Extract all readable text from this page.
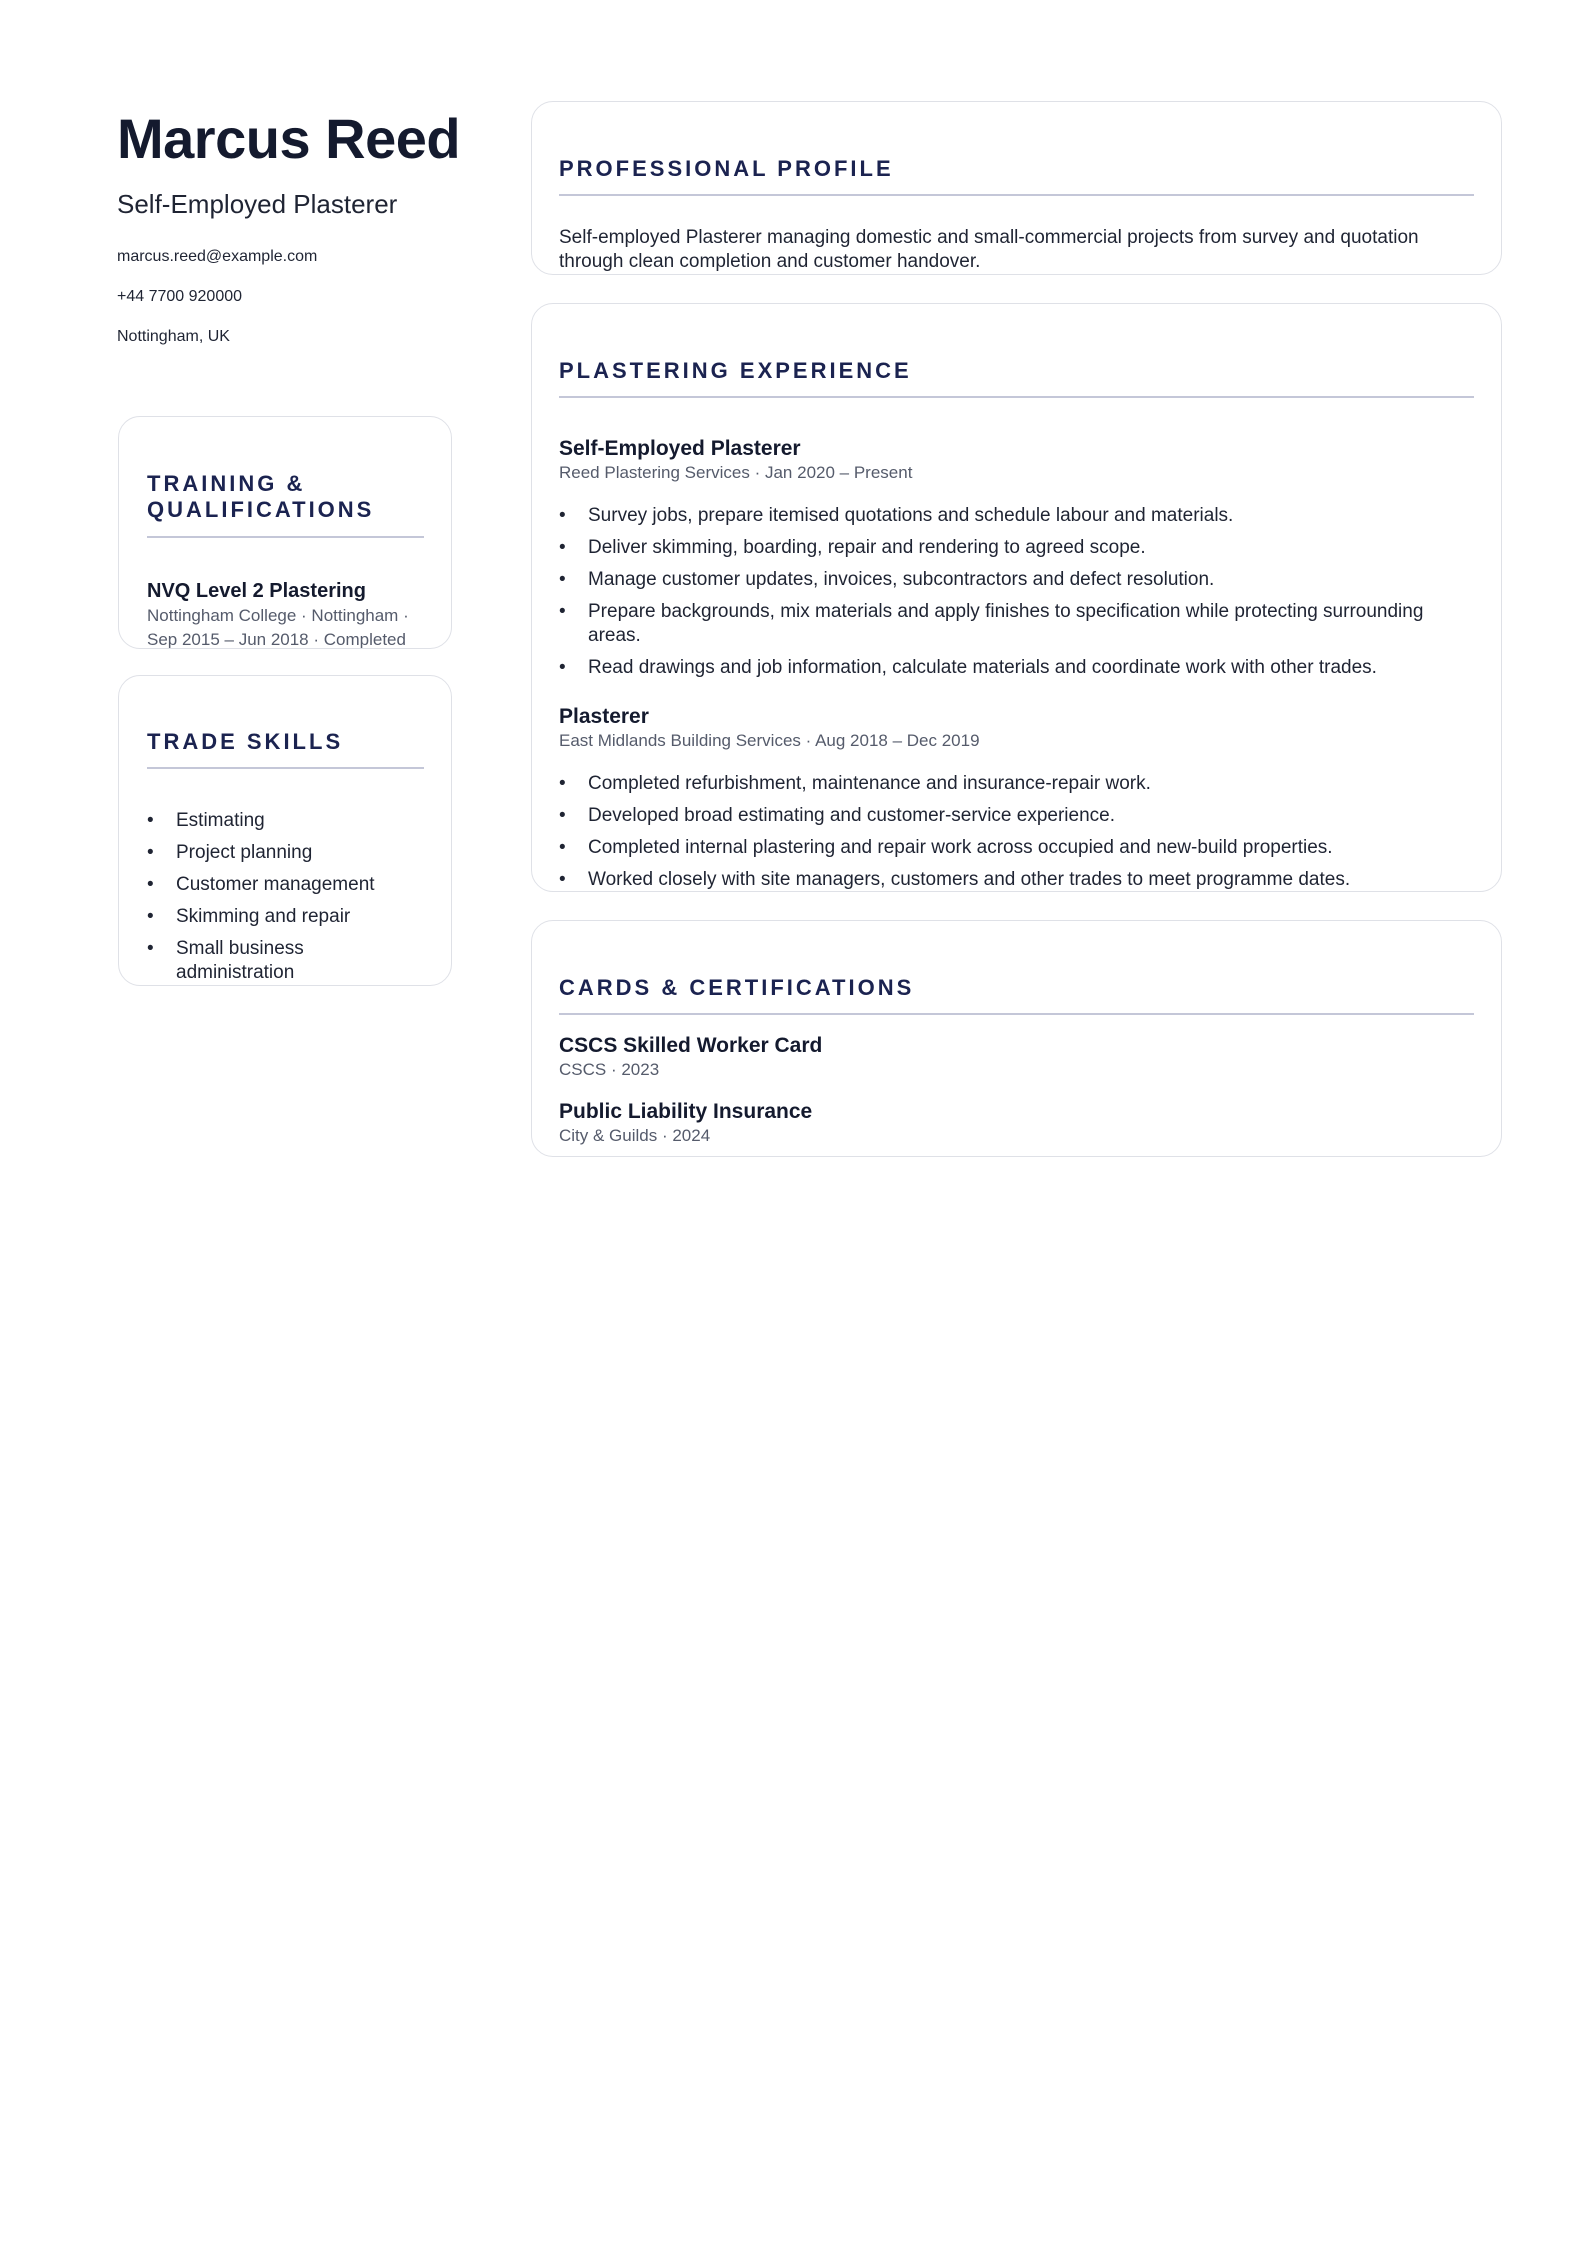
Marcus Reed
Self-Employed Plasterer
marcus.reed@example.com
+44 7700 920000
Nottingham, UK
TRAINING & QUALIFICATIONS
NVQ Level 2 Plastering
Nottingham College · Nottingham · Sep 2015 – Jun 2018 · Completed
TRADE SKILLS
• Estimating
• Project planning
• Customer management
• Skimming and repair
• Small business administration
PROFESSIONAL PROFILE
Self-employed Plasterer managing domestic and small-commercial projects from survey and quotation through clean completion and customer handover.
PLASTERING EXPERIENCE
Self-Employed Plasterer
Reed Plastering Services · Jan 2020 – Present
• Survey jobs, prepare itemised quotations and schedule labour and materials.
• Deliver skimming, boarding, repair and rendering to agreed scope.
• Manage customer updates, invoices, subcontractors and defect resolution.
• Prepare backgrounds, mix materials and apply finishes to specification while protecting surrounding areas.
• Read drawings and job information, calculate materials and coordinate work with other trades.
Plasterer
East Midlands Building Services · Aug 2018 – Dec 2019
• Completed refurbishment, maintenance and insurance-repair work.
• Developed broad estimating and customer-service experience.
• Completed internal plastering and repair work across occupied and new-build properties.
• Worked closely with site managers, customers and other trades to meet programme dates.
CARDS & CERTIFICATIONS
CSCS Skilled Worker Card
CSCS · 2023
Public Liability Insurance
City & Guilds · 2024
